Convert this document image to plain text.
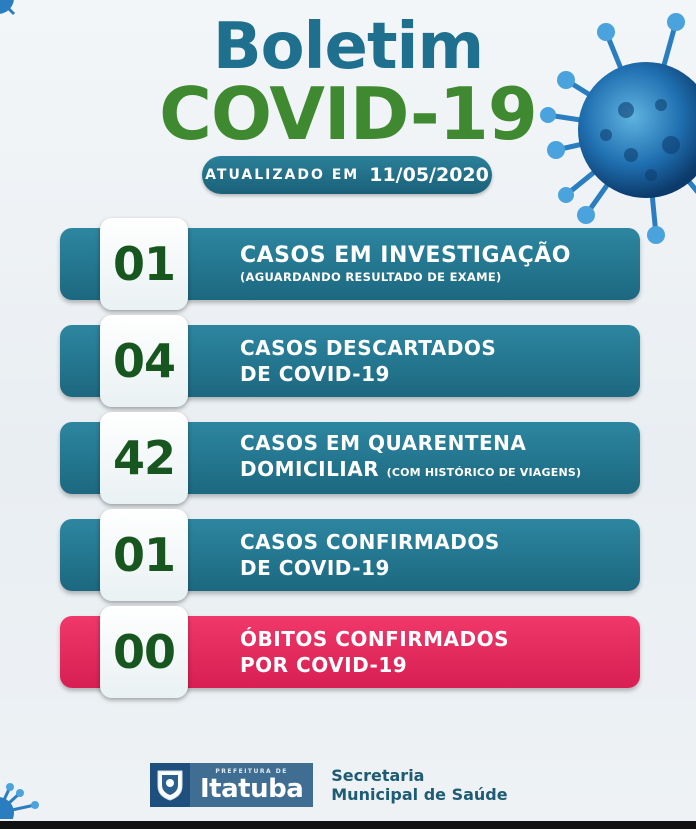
Boletim
COVID-19
ATUALIZADO EM 11/05/2020
01	CASOS EM INVESTIGAÇÃO
(AGUARDANDO RESULTADO DE EXAME)
04	CASOS DESCARTADOS
DE COVID-19
42	CASOS EM QUARENTENA
DOMICILIAR (COM HISTÓRICO DE VIAGENS)
01	CASOS CONFIRMADOS
DE COVID-19
00	ÓBITOS CONFIRMADOS
POR COVID-19
PREFEITURA DE
Itatuba Secretaria
Municipal de Saúde
